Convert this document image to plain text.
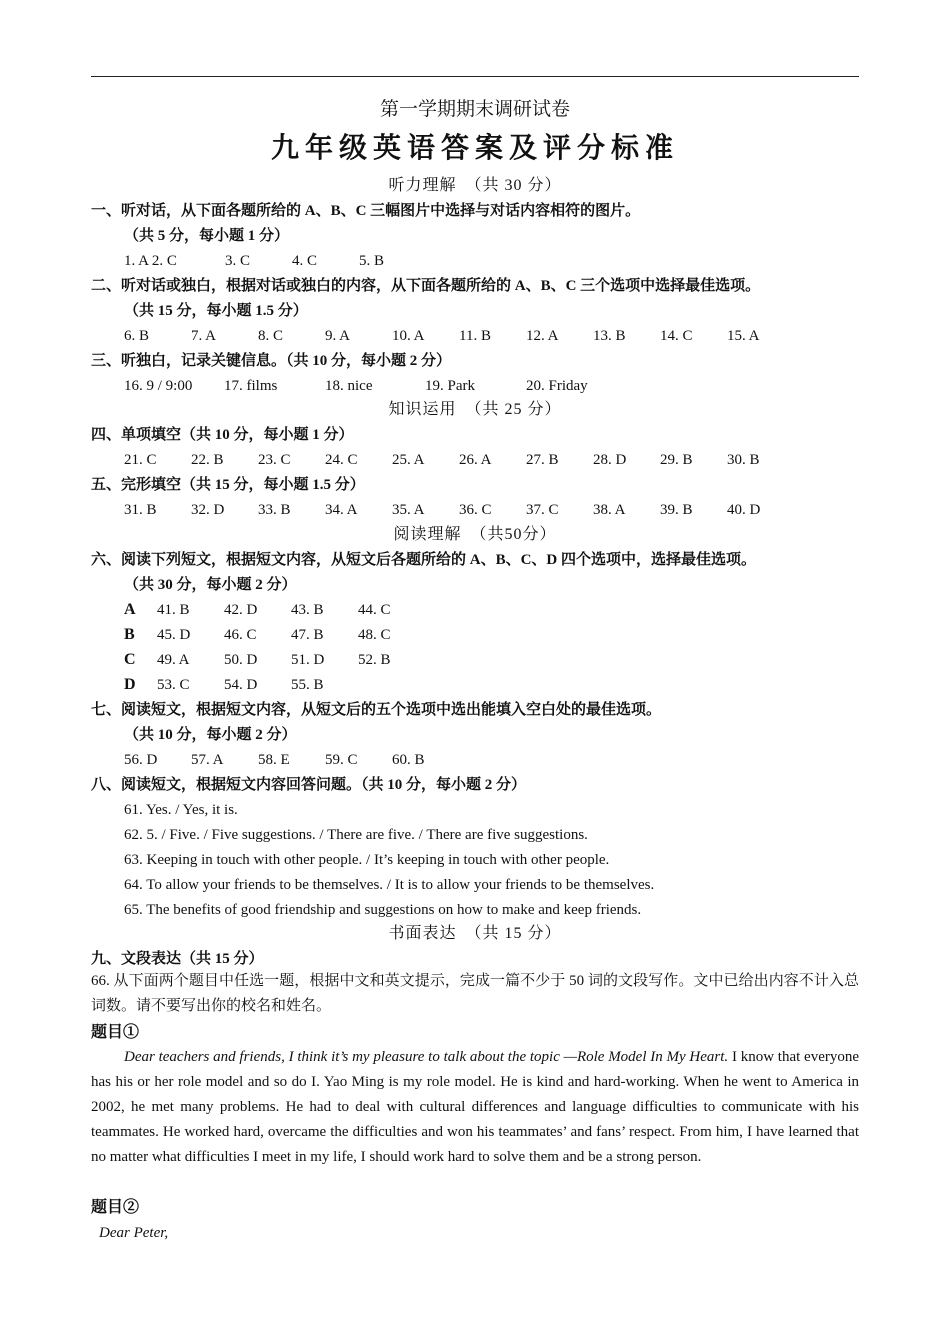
第一学期期末调研试卷
九年级英语答案及评分标准
听力理解　（共 30 分）
一、听对话，从下面各题所给的 A、B、C 三幅图片中选择与对话内容相符的图片。
（共 5 分，每小题 1 分）
1. A 2. C	3. C	4. C	5. B
二、听对话或独白，根据对话或独白的内容，从下面各题所给的 A、B、C 三个选项中选择最佳选项。
（共 15 分，每小题 1.5 分）
6. B	7. A	8. C	9. A	10. A 11. B 12. A 13. B 14. C 15. A
三、听独白，记录关键信息。（共 10 分，每小题 2 分）
16. 9 / 9:00 17. films	18. nice	19. Park	20. Friday
知识运用　（共 25 分）
四、单项填空（共 10 分，每小题 1 分）
21. C 22. B 23. C 24. C 25. A 26. A 27. B 28. D 29. B 30. B
五、完形填空（共 15 分，每小题 1.5 分）
31. B 32. D 33. B 34. A 35. A 36. C 37. C 38. A 39. B 40. D
阅读理解　（共50分）
六、阅读下列短文，根据短文内容，从短文后各题所给的 A、B、C、D 四个选项中，选择最佳选项。
（共 30 分，每小题 2 分）
A 41. B 42. D 43. B 44. C
B 45. D 46. C 47. B 48. C
C 49. A 50. D 51. D 52. B
D 53. C 54. D 55. B
七、阅读短文，根据短文内容，从短文后的五个选项中选出能填入空白处的最佳选项。
（共 10 分，每小题 2 分）
56. D 57. A 58. E 59. C 60. B
八、阅读短文，根据短文内容回答问题。（共 10 分，每小题 2 分）
61. Yes. / Yes, it is.
62. 5. / Five. / Five suggestions. / There are five. / There are five suggestions.
63. Keeping in touch with other people. / It’s keeping in touch with other people.
64. To allow your friends to be themselves. / It is to allow your friends to be themselves.
65. The benefits of good friendship and suggestions on how to make and keep friends.
书面表达　（共 15 分）
九、文段表达（共 15 分）
66. 从下面两个题目中任选一题，根据中文和英文提示，完成一篇不少于 50 词的文段写作。文中已给出内容不计入总词数。请不要写出你的校名和姓名。
题目①
Dear teachers and friends, I think it’s my pleasure to talk about the topic —Role Model In My Heart. I know that everyone has his or her role model and so do I. Yao Ming is my role model. He is kind and hard-working. When he went to America in 2002, he met many problems. He had to deal with cultural differences and language difficulties to communicate with his teammates. He worked hard, overcame the difficulties and won his teammates’ and fans’ respect. From him, I have learned that no matter what difficulties I meet in my life, I should work hard to solve them and be a strong person.
题目②
Dear Peter,
